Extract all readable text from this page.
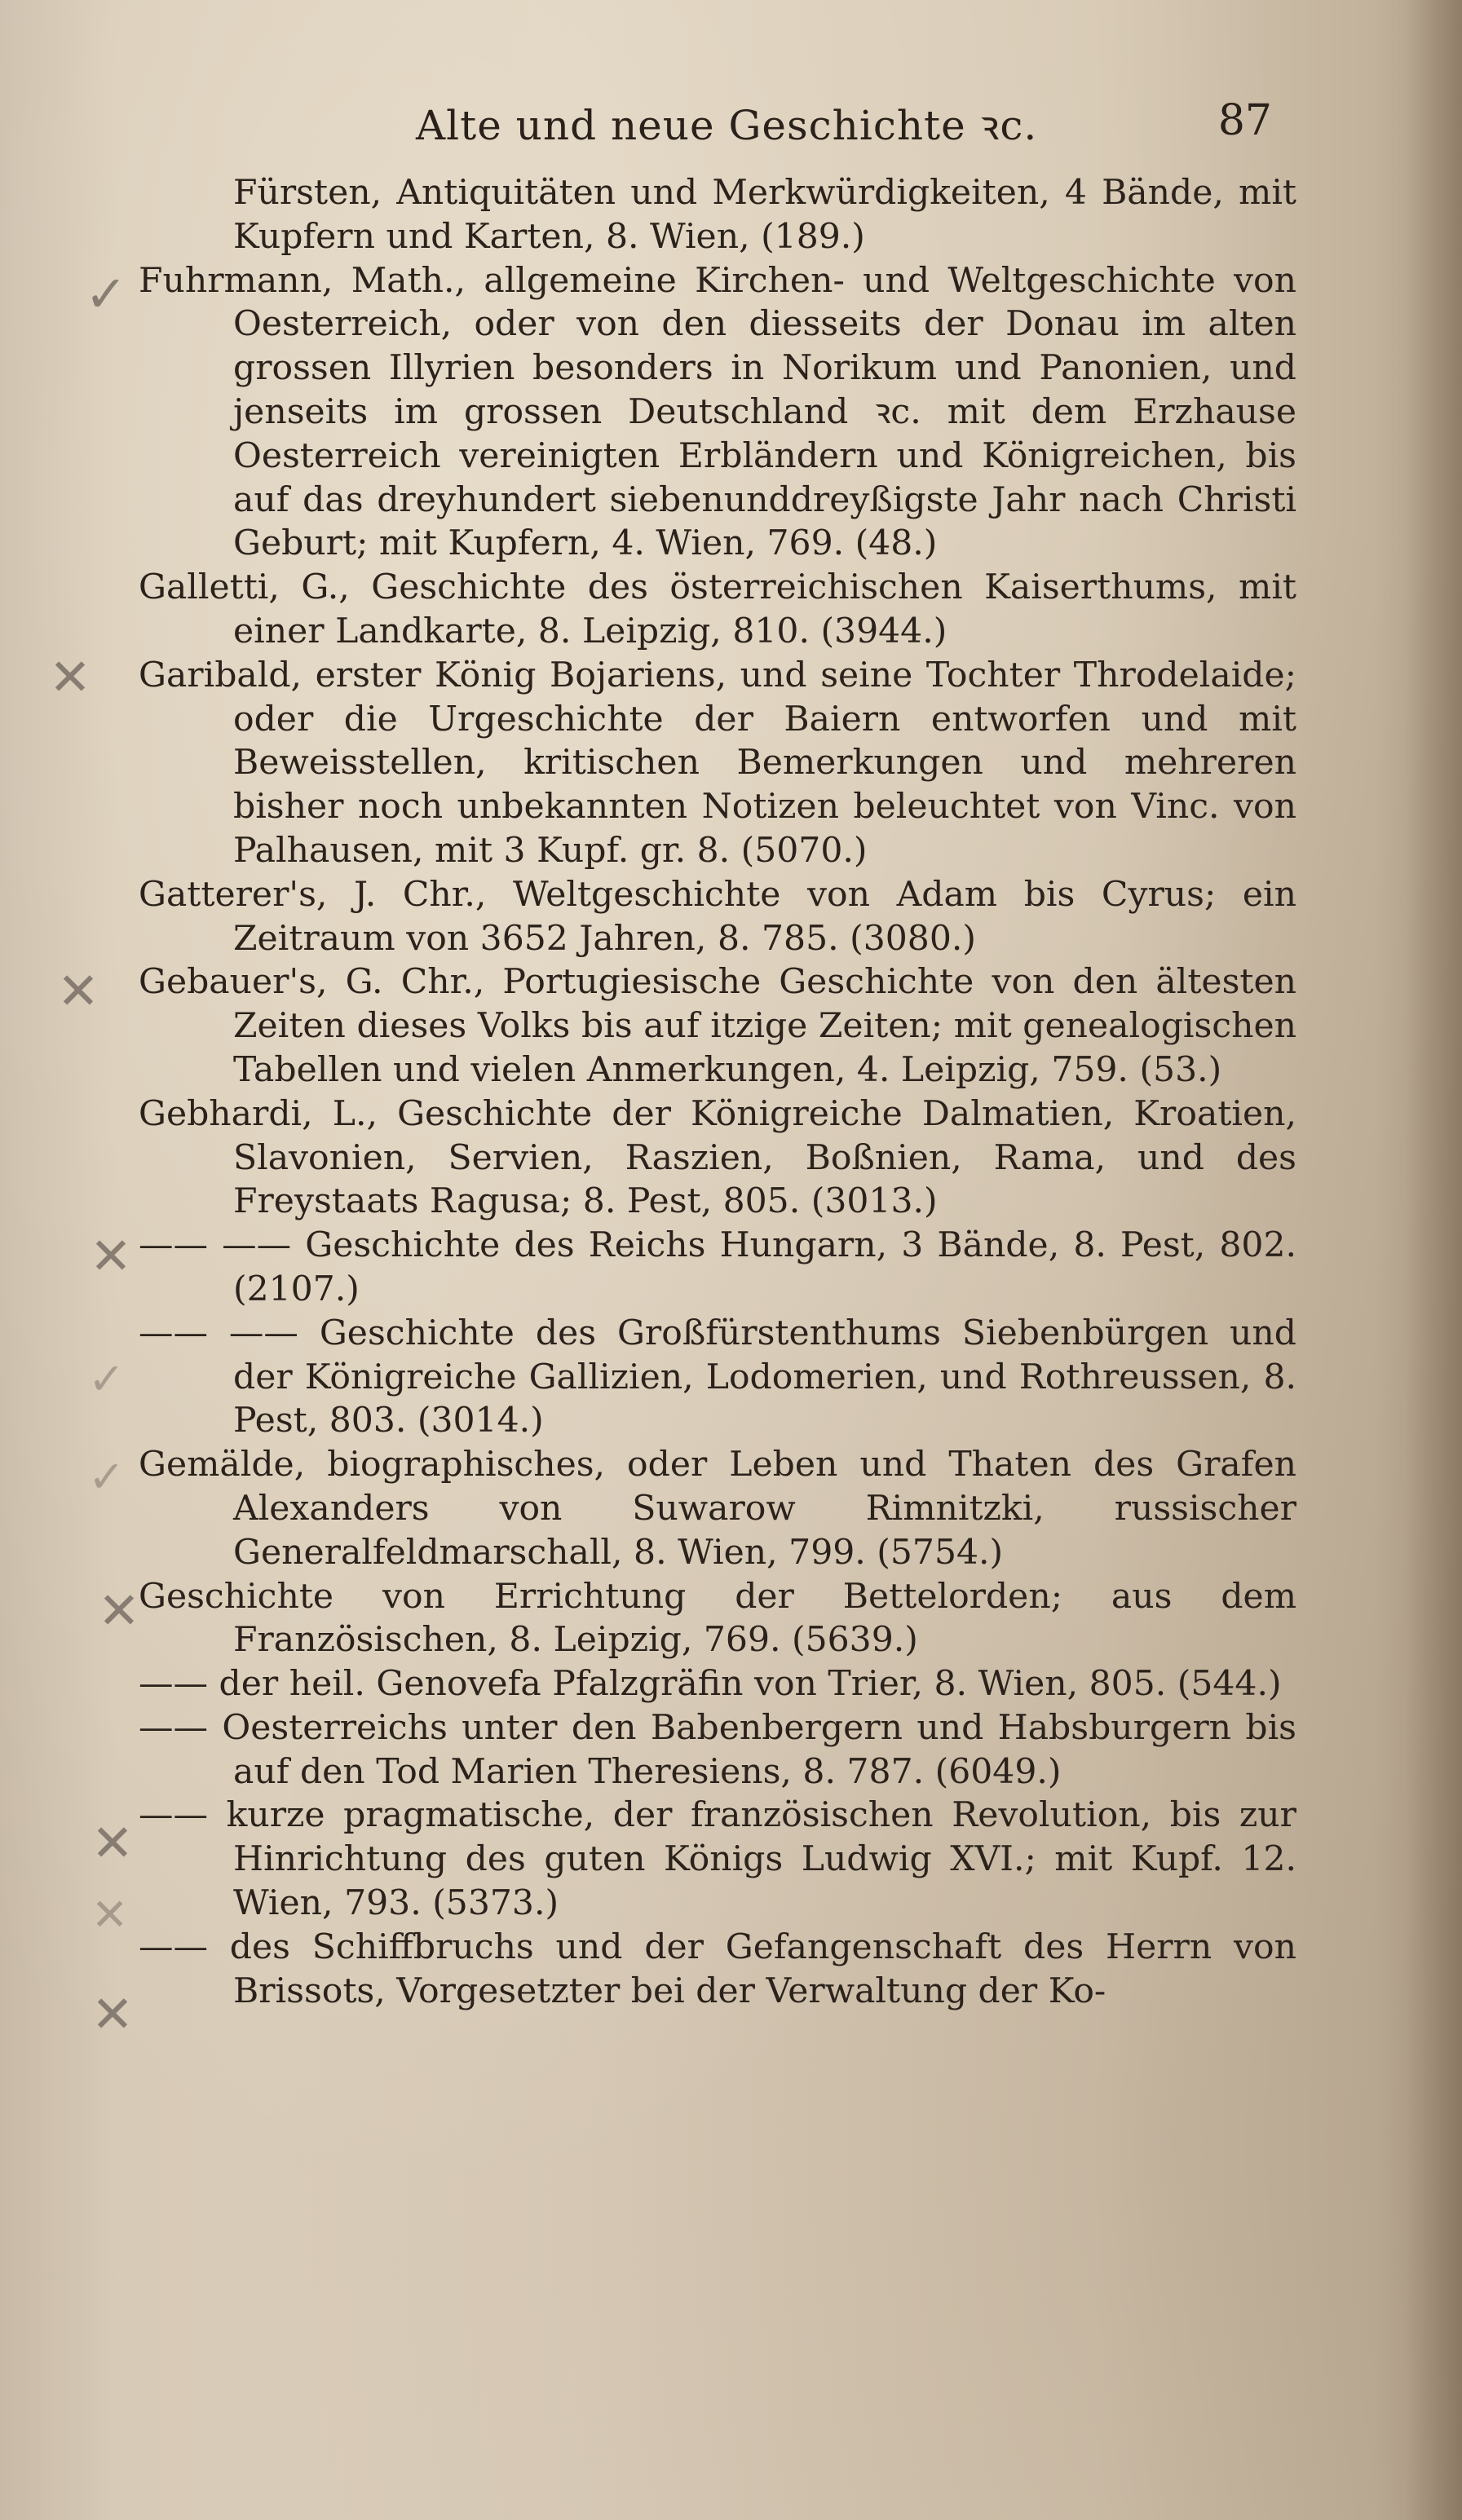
Alte und neue Geschichte ꝛc.	87
✓
✕
✕
✕
✓
✓
✕
✕
✕
✕

Fürsten, Antiquitäten und Merkwürdigkeiten, 4 Bände, mit Kupfern und Karten, 8. Wien, (189.)

Fuhrmann, Math., allgemeine Kirchen- und Weltgeschichte von Oesterreich, oder von den diesseits der Donau im alten grossen Illyrien besonders in Norikum und Panonien, und jenseits im grossen Deutschland ꝛc. mit dem Erzhause Oesterreich vereinigten Erbländern und Königreichen, bis auf das dreyhundert siebenunddreyßigste Jahr nach Christi Geburt; mit Kupfern, 4. Wien, 769. (48.)

Galletti, G., Geschichte des österreichischen Kaiserthums, mit einer Landkarte, 8. Leipzig, 810. (3944.)

Garibald, erster König Bojariens, und seine Tochter Throdelaide; oder die Urgeschichte der Baiern entworfen und mit Beweisstellen, kritischen Bemerkungen und mehreren bisher noch unbekannten Notizen beleuchtet von Vinc. von Palhausen, mit 3 Kupf. gr. 8. (5070.)

Gatterer's, J. Chr., Weltgeschichte von Adam bis Cyrus; ein Zeitraum von 3652 Jahren, 8. 785. (3080.)

Gebauer's, G. Chr., Portugiesische Geschichte von den ältesten Zeiten dieses Volks bis auf itzige Zeiten; mit genealogischen Tabellen und vielen Anmerkungen, 4. Leipzig, 759. (53.)

Gebhardi, L., Geschichte der Königreiche Dalmatien, Kroatien, Slavonien, Servien, Raszien, Boßnien, Rama, und des Freystaats Ragusa; 8. Pest, 805. (3013.)

—— —— Geschichte des Reichs Hungarn, 3 Bände, 8. Pest, 802. (2107.)

—— —— Geschichte des Großfürstenthums Siebenbürgen und der Königreiche Gallizien, Lodomerien, und Rothreussen, 8. Pest, 803. (3014.)

Gemälde, biographisches, oder Leben und Thaten des Grafen Alexanders von Suwarow Rimnitzki, russischer Generalfeldmarschall, 8. Wien, 799. (5754.)

Geschichte von Errichtung der Bettelorden; aus dem Französischen, 8. Leipzig, 769. (5639.)

—— der heil. Genovefa Pfalzgräfin von Trier, 8. Wien, 805. (544.)

—— Oesterreichs unter den Babenbergern und Habsburgern bis auf den Tod Marien Theresiens, 8. 787. (6049.)

—— kurze pragmatische, der französischen Revolution, bis zur Hinrichtung des guten Königs Ludwig XVI.; mit Kupf. 12. Wien, 793. (5373.)

—— des Schiffbruchs und der Gefangenschaft des Herrn von Brissots, Vorgesetzter bei der Verwaltung der Ko-
